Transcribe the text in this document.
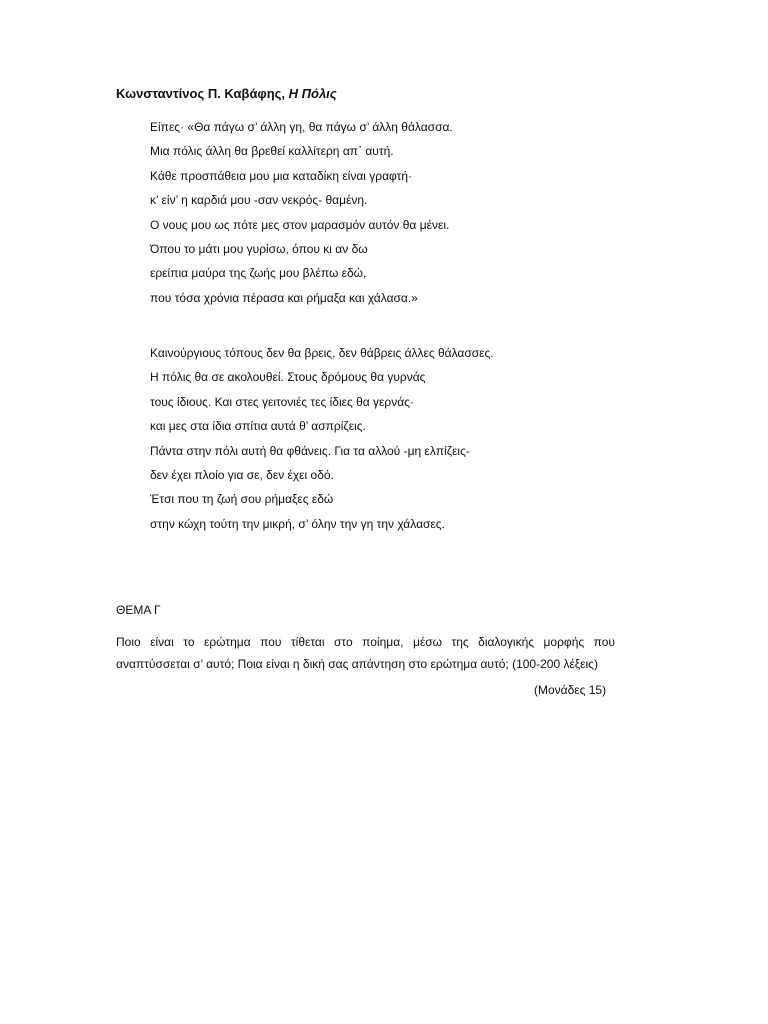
Κωνσταντίνος Π. Καβάφης, Η Πόλις
Είπες· «Θα πάγω σ’ άλλη γη, θα πάγω σ’ άλλη θάλασσα.
Μια πόλις άλλη θα βρεθεί καλλίτερη απ᾿ αυτή.
Κάθε προσπάθεια μου μια καταδίκη είναι γραφτή·
κ’ είν’ η καρδιά μου -σαν νεκρός- θαμένη.
Ο νους μου ως πότε μες στον μαρασμόν αυτόν θα μένει.
Όπου το μάτι μου γυρίσω, όπου κι αν δω
ερείπια μαύρα της ζωής μου βλέπω εδώ,
που τόσα χρόνια πέρασα και ρήμαξα και χάλασα.»
Καινούργιους τόπους δεν θα βρεις, δεν θάβρεις άλλες θάλασσες.
Η πόλις θα σε ακολουθεί. Στους δρόμους θα γυρνάς
τους ίδιους. Και στες γειτονιές τες ίδιες θα γερνάς·
και μες στα ίδια σπίτια αυτά θ’ ασπρίζεις.
Πάντα στην πόλι αυτή θα φθάνεις. Για τα αλλού -μη ελπίζεις-
δεν έχει πλοίο για σε, δεν έχει οδό.
Έτσι που τη ζωή σου ρήμαξες εδώ
στην κώχη τούτη την μικρή, σ’ όλην την γη την χάλασες.
ΘΕΜΑ Γ

Ποιο είναι το ερώτημα που τίθεται στο ποίημα, μέσω της διαλογικής μορφής που αναπτύσσεται σ’ αυτό; Ποια είναι η δική σας απάντηση στο ερώτημα αυτό; (100-200 λέξεις)

(Μονάδες 15)
